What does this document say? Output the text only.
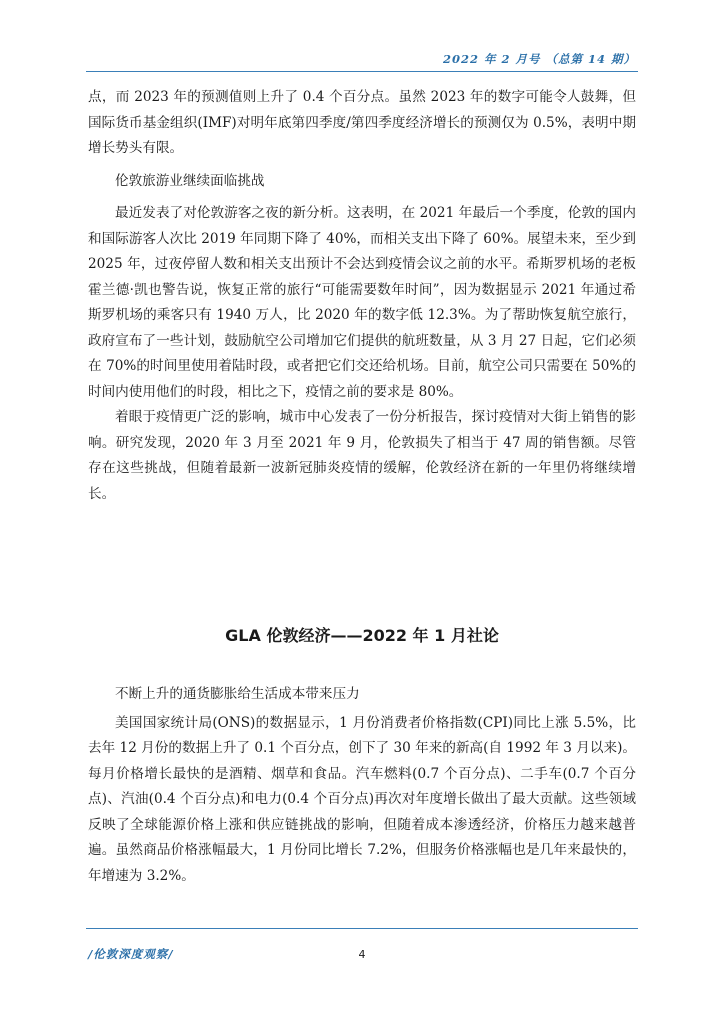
2022 年 2 月号 （总第 14 期）

点，而 2023 年的预测值则上升了 0.4 个百分点。虽然 2023 年的数字可能令人鼓舞，但国际货币基金组织(IMF)对明年底第四季度/第四季度经济增长的预测仅为 0.5%，表明中期增长势头有限。

伦敦旅游业继续面临挑战

最近发表了对伦敦游客之夜的新分析。这表明，在 2021 年最后一个季度，伦敦的国内和国际游客人次比 2019 年同期下降了 40%，而相关支出下降了 60%。展望未来，至少到 2025 年，过夜停留人数和相关支出预计不会达到疫情会议之前的水平。希斯罗机场的老板霍兰德·凯也警告说，恢复正常的旅行“可能需要数年时间”，因为数据显示 2021 年通过希斯罗机场的乘客只有 1940 万人，比 2020 年的数字低 12.3%。为了帮助恢复航空旅行，政府宣布了一些计划，鼓励航空公司增加它们提供的航班数量，从 3 月 27 日起，它们必须在 70%的时间里使用着陆时段，或者把它们交还给机场。目前，航空公司只需要在 50%的时间内使用他们的时段，相比之下，疫情之前的要求是 80%。

着眼于疫情更广泛的影响，城市中心发表了一份分析报告，探讨疫情对大街上销售的影响。研究发现，2020 年 3 月至 2021 年 9 月，伦敦损失了相当于 47 周的销售额。尽管存在这些挑战，但随着最新一波新冠肺炎疫情的缓解，伦敦经济在新的一年里仍将继续增长。

GLA 伦敦经济——2022 年 1 月社论

不断上升的通货膨胀给生活成本带来压力

美国国家统计局(ONS)的数据显示，1 月份消费者价格指数(CPI)同比上涨 5.5%，比去年 12 月份的数据上升了 0.1 个百分点，创下了 30 年来的新高(自 1992 年 3 月以来)。每月价格增长最快的是酒精、烟草和食品。汽车燃料(0.7 个百分点)、二手车(0.7 个百分点)、汽油(0.4 个百分点)和电力(0.4 个百分点)再次对年度增长做出了最大贡献。这些领域反映了全球能源价格上涨和供应链挑战的影响，但随着成本渗透经济，价格压力越来越普遍。虽然商品价格涨幅最大，1 月份同比增长 7.2%，但服务价格涨幅也是几年来最快的，年增速为 3.2%。

/伦敦深度观察/	4
